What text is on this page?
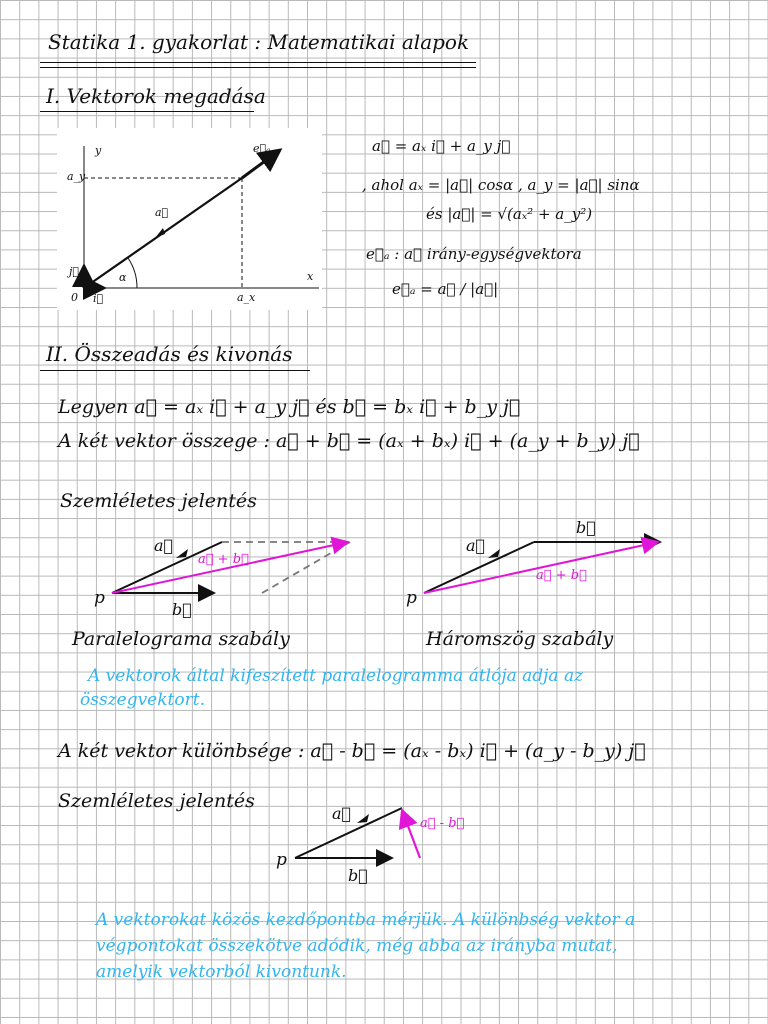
Statika 1. gyakorlat : Matematikai alapok
I. Vektorok megadása
y
x
a_y
a_x
0
a⃗
e⃗ₐ
i⃗
j⃗	α
a⃗ = aₓ i⃗ + a_y j⃗
, ahol aₓ = |a⃗| cosα , a_y = |a⃗| sinα
és |a⃗| = √(aₓ² + a_y²)
e⃗ₐ : a⃗ irány-egységvektora
e⃗ₐ = a⃗ / |a⃗|
II. Összeadás és kivonás
Legyen a⃗ = aₓ i⃗ + a_y j⃗ és b⃗ = bₓ i⃗ + b_y j⃗
A két vektor összege : a⃗ + b⃗ = (aₓ + bₓ) i⃗ + (a_y + b_y) j⃗
Szemléletes jelentés
a⃗
b⃗
a⃗ + b⃗
p
a⃗
b⃗
a⃗ + b⃗
p
Paralelograma szabály	Háromszög szabály
A vektorok által kifeszített paralelogramma átlója adja az
összegvektort.
A két vektor különbsége : a⃗ - b⃗ = (aₓ - bₓ) i⃗ + (a_y - b_y) j⃗
Szemléletes jelentés
a⃗
b⃗
a⃗ - b⃗
p
A vektorokat közös kezdőpontba mérjük. A különbség vektor a
végpontokat összekötve adódik, még abba az irányba mutat,
amelyik vektorból kivontunk.
